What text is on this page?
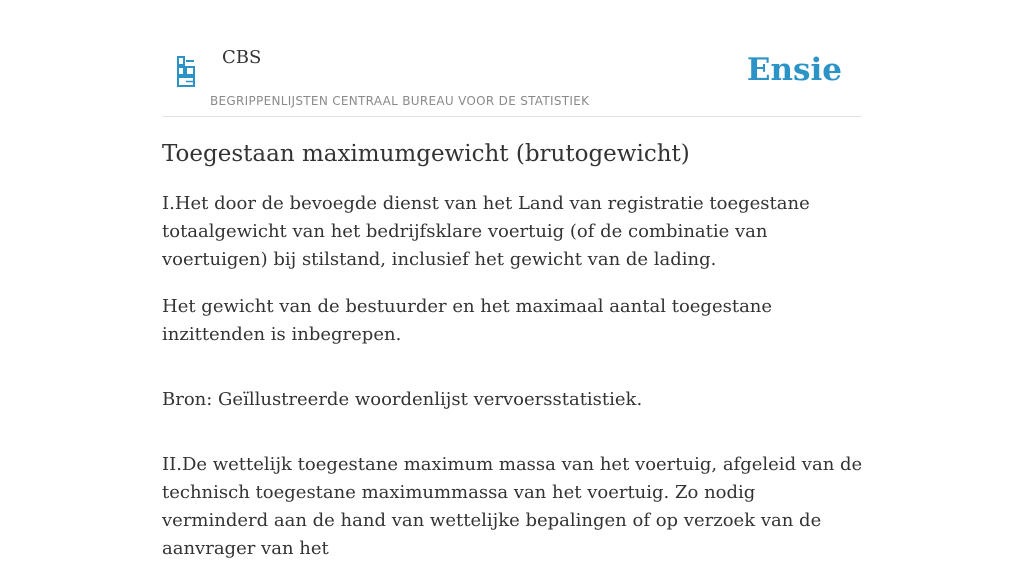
CBS
BEGRIPPENLIJSTEN CENTRAAL BUREAU VOOR DE STATISTIEK
Ensie
Toegestaan maximumgewicht (brutogewicht)

I.Het door de bevoegde dienst van het Land van registratie toegestane totaalgewicht van het bedrijfsklare voertuig (of de combinatie van voertuigen) bij stilstand, inclusief het gewicht van de lading.

Het gewicht van de bestuurder en het maximaal aantal toegestane inzittenden is inbegrepen.

Bron: Geïllustreerde woordenlijst vervoersstatistiek.

II.De wettelijk toegestane maximum massa van het voertuig, afgeleid van de technisch toegestane maximummassa van het voertuig. Zo nodig verminderd aan de hand van wettelijke bepalingen of op verzoek van de aanvrager van het
